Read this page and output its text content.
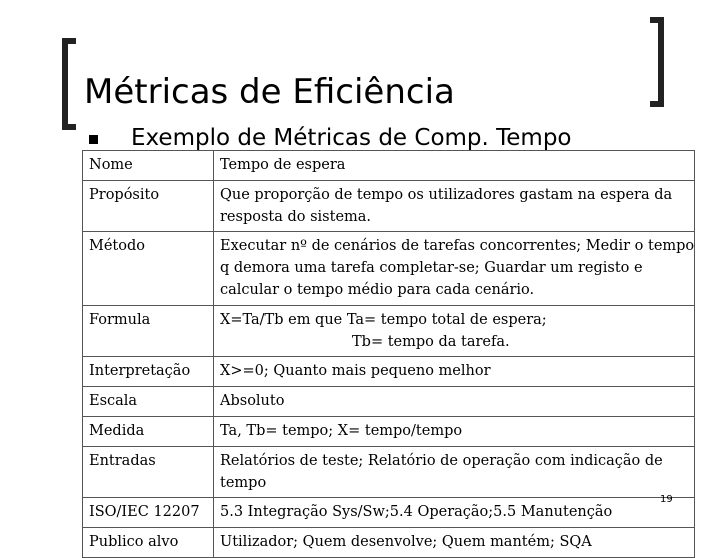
Métricas de Eficiência
Exemplo de Métricas de Comp. Tempo
Nome	Tempo de espera

Propósito	Que proporção de tempo os utilizadores gastam na espera da
resposta do sistema.

Método	Executar nº de cenários de tarefas concorrentes; Medir o tempo
q demora uma tarefa completar-se; Guardar um registo e
calcular o tempo médio para cada cenário.

Formula	X=Ta/Tb em que Ta= tempo total de espera;
Tb= tempo da tarefa.

Interpretação	X>=0; Quanto mais pequeno melhor

Escala	Absoluto

Medida	Ta, Tb= tempo; X= tempo/tempo

Entradas	Relatórios de teste; Relatório de operação com indicação de
tempo

ISO/IEC 12207	5.3 Integração Sys/Sw;5.4 Operação;5.5 Manutenção

Publico alvo	Utilizador; Quem desenvolve; Quem mantém; SQA
19
